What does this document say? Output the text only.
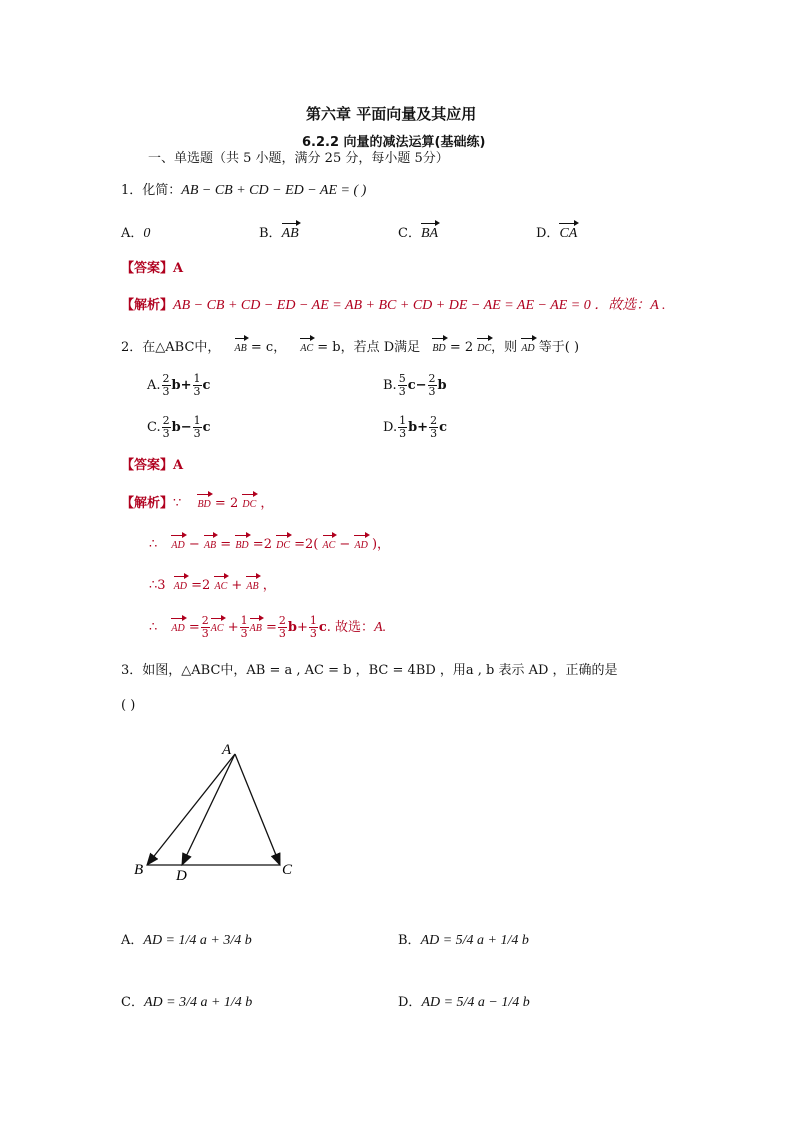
第六章 平面向量及其应用
6.2.2 向量的减法运算(基础练)
一、单选题（共 5 小题，满分 25 分，每小题 5分）
1．化简：AB − CB + CD − ED − AE = ( )
A．0	B．AB	C．BA	D．CA
【答案】A
【解析】AB − CB + CD − ED − AE = AB + BC + CD + DE − AE = AE − AE = 0 ．故选：A .
2．在△ABC中， AB = c， AC = b，若点 D满足 BD = 2 DC，则 AD 等于( )
A. $\frac{2}{3} b+ \frac{1}{3}$ c	B. $\frac{5}{3} c- \frac{2}{3}$ b
C. $\frac{2}{3} b- \frac{1}{3}$ c	D. $\frac{1}{3} b+ \frac{2}{3}$ c
【答案】A
【解析】∵ BD = 2 DC ，
∴ AD − AB = BD =2 DC =2( AC − AD )，
∴3 AD =2 AC + AB ，
∴ AD = $\frac{2}{3}$ AC + $\frac{1}{3}$ AB = $\frac{2}{3} b+ \frac{1}{3} c$. 故选：A.
3．如图，△ABC中，AB = a , AC = b ，BC = 4BD ，用a , b 表示 AD ，正确的是
( )
A
B D	C
A．AD = 1/4 a + 3/4 b	B．AD = 5/4 a + 1/4 b
C．AD = 3/4 a + 1/4 b	D．AD = 5/4 a − 1/4 b
